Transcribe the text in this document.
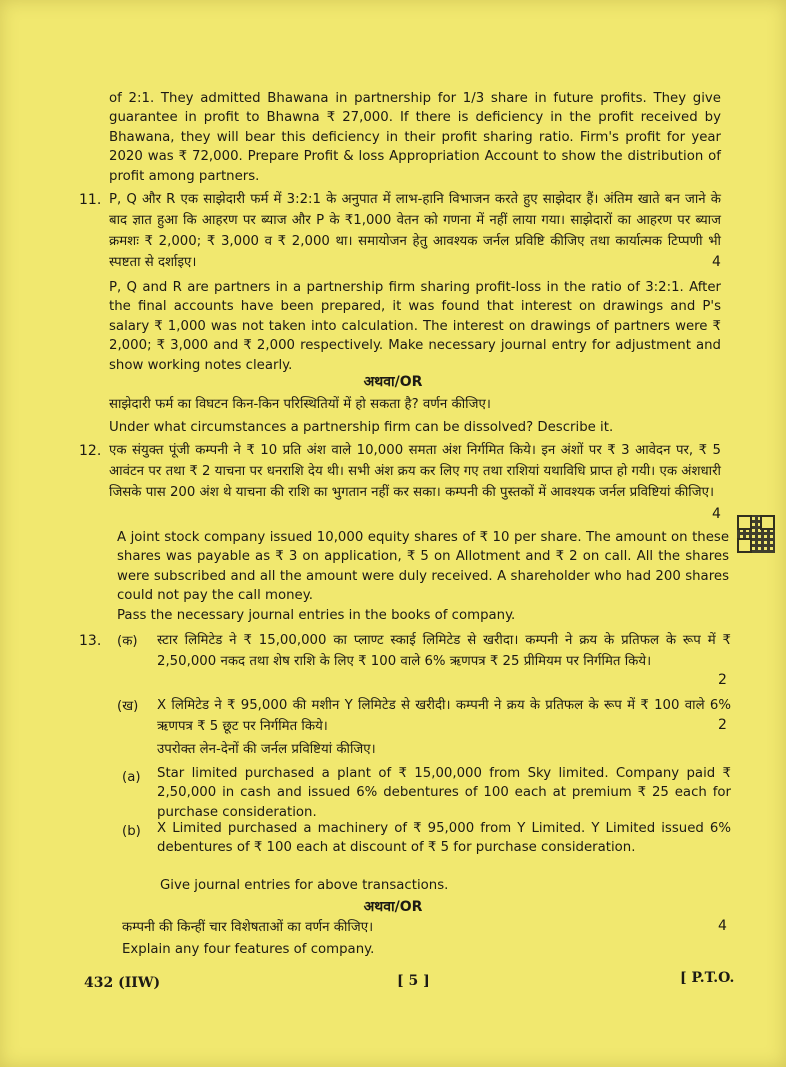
of 2:1. They admitted Bhawana in partnership for 1/3 share in future profits. They give guarantee in profit to Bhawna ₹ 27,000. If there is deficiency in the profit received by Bhawana, they will bear this deficiency in their profit sharing ratio. Firm's profit for year 2020 was ₹ 72,000. Prepare Profit & loss Appropriation Account to show the distribution of profit among partners.
11. P, Q और R एक साझेदारी फर्म में 3:2:1 के अनुपात में लाभ-हानि विभाजन करते हुए साझेदार हैं। अंतिम खाते बन जाने के बाद ज्ञात हुआ कि आहरण पर ब्याज और P के ₹1,000 वेतन को गणना में नहीं लाया गया। साझेदारों का आहरण पर ब्याज क्रमशः ₹ 2,000; ₹ 3,000 व ₹ 2,000 था। समायोजन हेतु आवश्यक जर्नल प्रविष्टि कीजिए तथा कार्यात्मक टिप्पणी भी स्पष्टता से दर्शाइए।	4
P, Q and R are partners in a partnership firm sharing profit-loss in the ratio of 3:2:1. After the final accounts have been prepared, it was found that interest on drawings and P's salary ₹ 1,000 was not taken into calculation. The interest on drawings of partners were ₹ 2,000; ₹ 3,000 and ₹ 2,000 respectively. Make necessary journal entry for adjustment and show working notes clearly.
अथवा/OR
साझेदारी फर्म का विघटन किन-किन परिस्थितियों में हो सकता है? वर्णन कीजिए।
Under what circumstances a partnership firm can be dissolved? Describe it.
12. एक संयुक्त पूंजी कम्पनी ने ₹ 10 प्रति अंश वाले 10,000 समता अंश निर्गमित किये। इन अंशों पर ₹ 3 आवेदन पर, ₹ 5 आवंटन पर तथा ₹ 2 याचना पर धनराशि देय थी। सभी अंश क्रय कर लिए गए तथा राशियां यथाविधि प्राप्त हो गयी। एक अंशधारी जिसके पास 200 अंश थे याचना की राशि का भुगतान नहीं कर सका। कम्पनी की पुस्तकों में आवश्यक जर्नल प्रविष्टियां कीजिए।
4
A joint stock company issued 10,000 equity shares of ₹ 10 per share. The amount on these shares was payable as ₹ 3 on application, ₹ 5 on Allotment and ₹ 2 on call. All the shares were subscribed and all the amount were duly received. A shareholder who had 200 shares could not pay the call money.
Pass the necessary journal entries in the books of company.
13. (क) स्टार लिमिटेड ने ₹ 15,00,000 का प्लाण्ट स्काई लिमिटेड से खरीदा। कम्पनी ने क्रय के प्रतिफल के रूप में ₹ 2,50,000 नकद तथा शेष राशि के लिए ₹ 100 वाले 6% ऋणपत्र ₹ 25 प्रीमियम पर निर्गमित किये।
2
(ख) X लिमिटेड ने ₹ 95,000 की मशीन Y लिमिटेड से खरीदी। कम्पनी ने क्रय के प्रतिफल के रूप में ₹ 100 वाले 6% ऋणपत्र ₹ 5 छूट पर निर्गमित किये।	2
उपरोक्त लेन-देनों की जर्नल प्रविष्टियां कीजिए।
(a) Star limited purchased a plant of ₹ 15,00,000 from Sky limited. Company paid ₹ 2,50,000 in cash and issued 6% debentures of 100 each at premium ₹ 25 each for purchase consideration.
(b) X Limited purchased a machinery of ₹ 95,000 from Y Limited. Y Limited issued 6% debentures of ₹ 100 each at discount of ₹ 5 for purchase consideration.
Give journal entries for above transactions.
अथवा/OR
कम्पनी की किन्हीं चार विशेषताओं का वर्णन कीजिए।	4
Explain any four features of company.
432 (IIW)	[ 5 ]	[ P.T.O.
